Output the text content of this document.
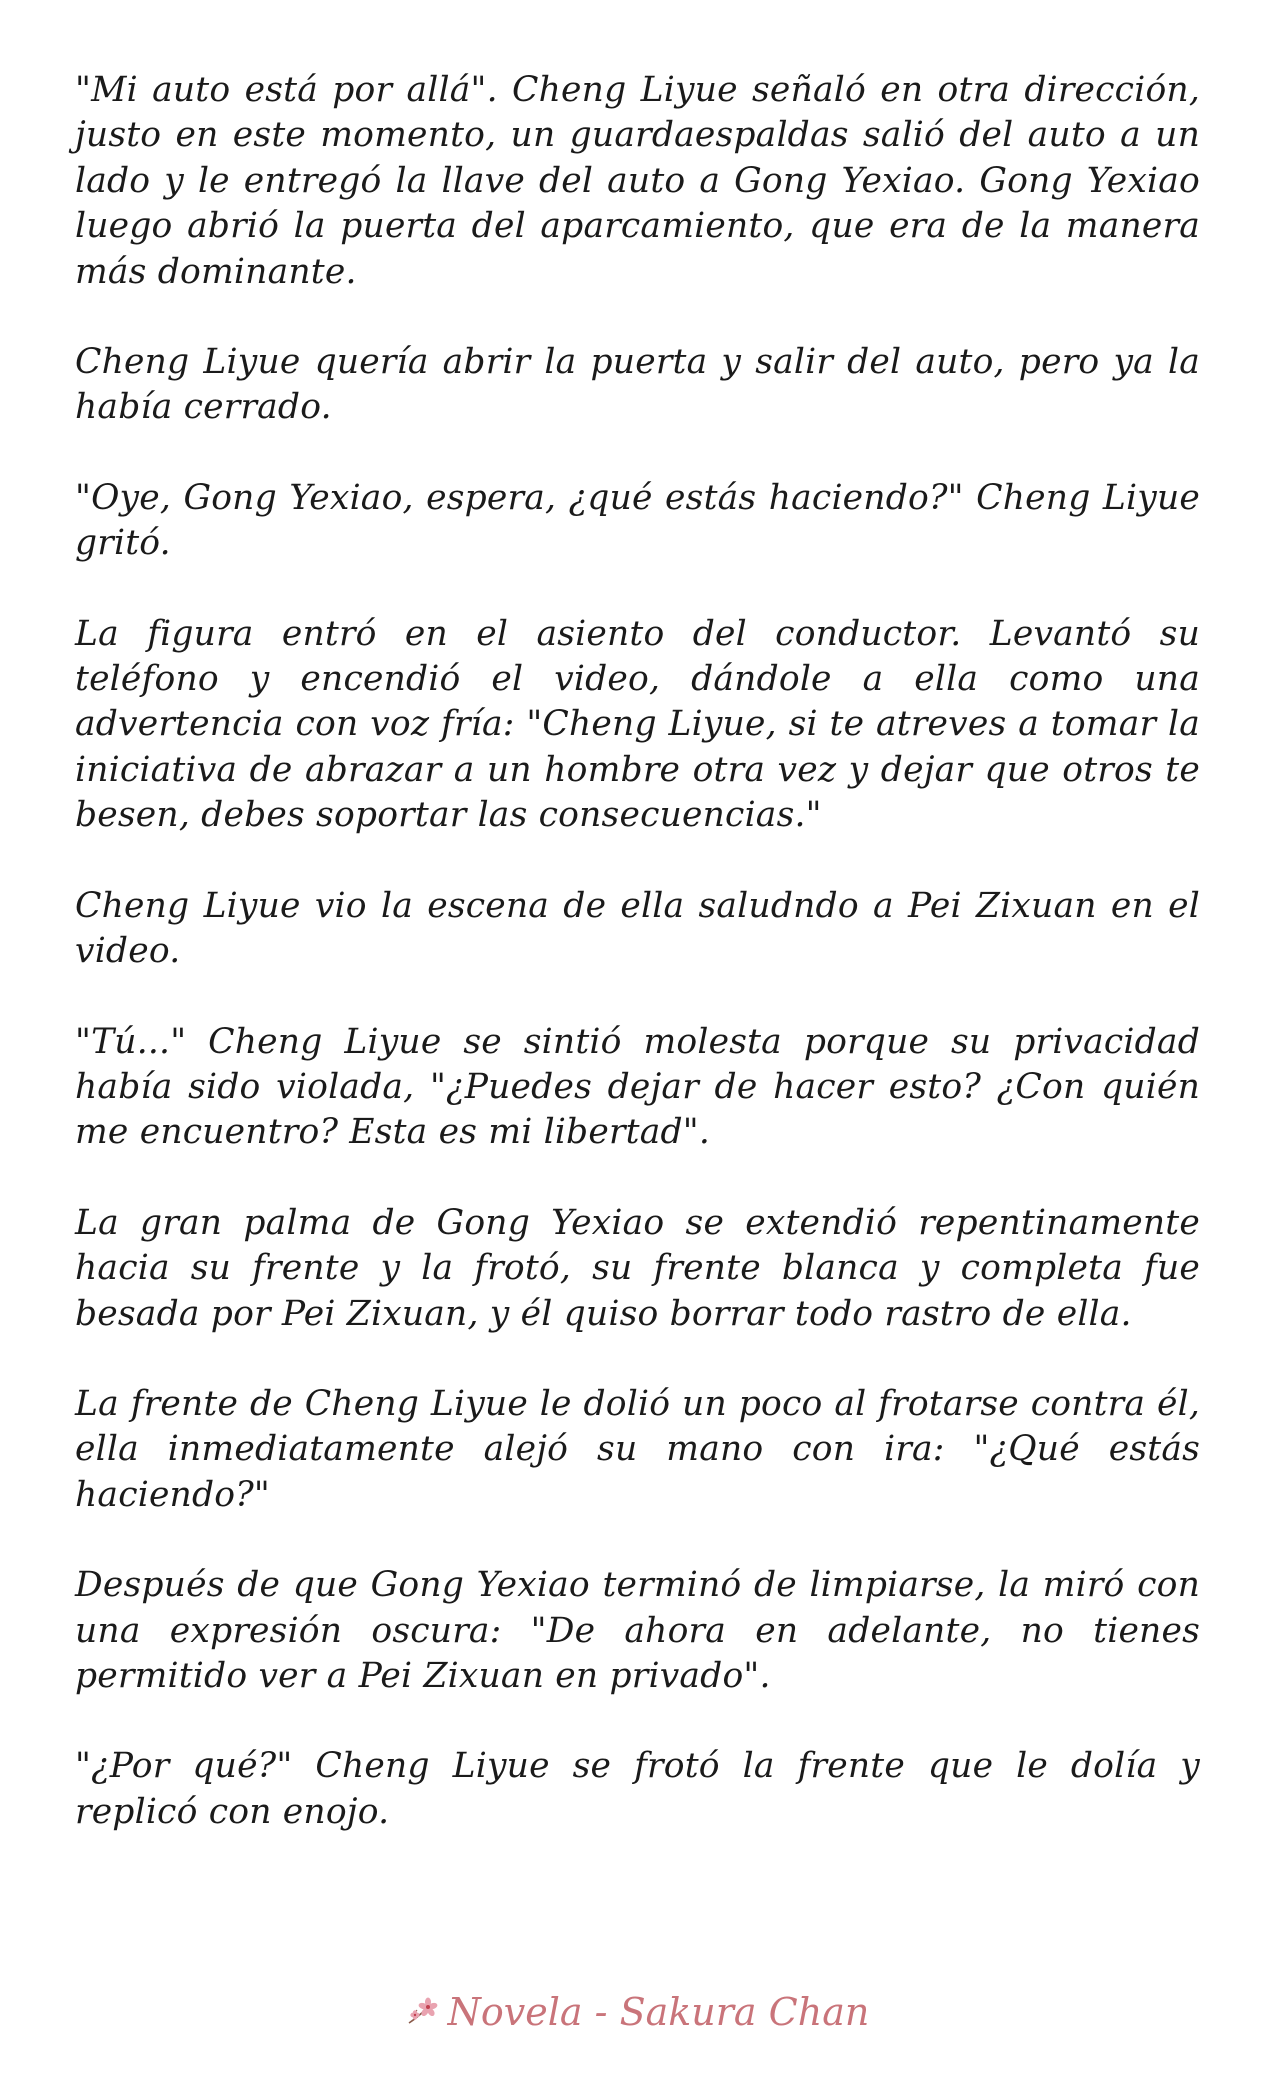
"Mi auto está por allá". Cheng Liyue señaló en otra dirección, justo en este momento, un guardaespaldas salió del auto a un lado y le entregó la llave del auto a Gong Yexiao. Gong Yexiao luego abrió la puerta del aparcamiento, que era de la manera más dominante.

Cheng Liyue quería abrir la puerta y salir del auto, pero ya la había cerrado.

"Oye, Gong Yexiao, espera, ¿qué estás haciendo?" Cheng Liyue gritó.

La figura entró en el asiento del conductor. Levantó su teléfono y encendió el video, dándole a ella como una advertencia con voz fría: "Cheng Liyue, si te atreves a tomar la iniciativa de abrazar a un hombre otra vez y dejar que otros te besen, debes soportar las consecuencias."

Cheng Liyue vio la escena de ella saludndo a Pei Zixuan en el video.

"Tú..." Cheng Liyue se sintió molesta porque su privacidad había sido violada, "¿Puedes dejar de hacer esto? ¿Con quién me encuentro? Esta es mi libertad".

La gran palma de Gong Yexiao se extendió repentinamente hacia su frente y la frotó, su frente blanca y completa fue besada por Pei Zixuan, y él quiso borrar todo rastro de ella.

La frente de Cheng Liyue le dolió un poco al frotarse contra él, ella inmediatamente alejó su mano con ira: "¿Qué estás haciendo?"

Después de que Gong Yexiao terminó de limpiarse, la miró con una expresión oscura: "De ahora en adelante, no tienes permitido ver a Pei Zixuan en privado".

"¿Por qué?" Cheng Liyue se frotó la frente que le dolía y replicó con enojo.

Novela - Sakura Chan
